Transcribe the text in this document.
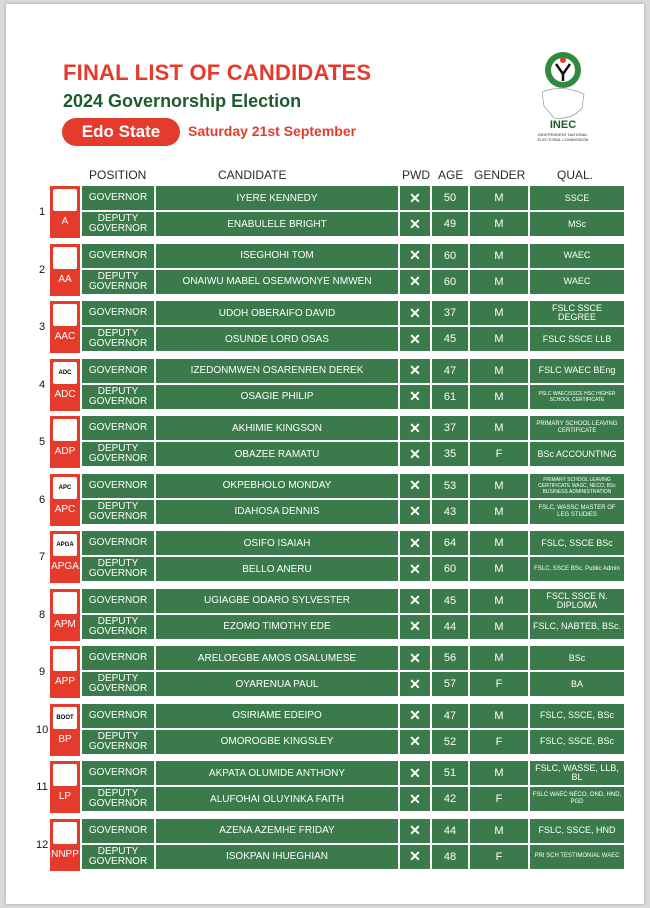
FINAL LIST OF CANDIDATES
2024 Governorship Election
Edo State	Saturday 21st September	INEC
INDEPENDENT NATIONAL ELECTORAL COMMISSION
POSITION	CANDIDATE	PWD AGE GENDER	QUAL.
1
A
GOVERNOR	IYERE KENNEDY	✕	50	M	SSCE
DEPUTY GOVERNOR	ENABULELE BRIGHT	✕	49	M	MSc
2
AA
GOVERNOR	ISEGHOHI TOM	✕	60	M	WAEC
DEPUTY GOVERNOR	ONAIWU MABEL OSEMWONYE NMWEN	✕	60	M	WAEC
3
AAC
GOVERNOR	UDOH OBERAIFO DAVID	✕	37	M	FSLC SSCE DEGREE
DEPUTY GOVERNOR	OSUNDE LORD OSAS	✕	45	M	FSLC SSCE LLB
4
ADC
ADC
GOVERNOR	IZEDONMWEN OSARENREN DEREK	✕	47	M	FSLC WAEC BEng
DEPUTY GOVERNOR	OSAGIE PHILIP	✕	61	M	PSLC WAEC/SSCE HSC HIGHER SCHOOL CERTIFICATE
5
ADP
GOVERNOR	AKHIMIE KINGSON	✕	37	M	PRIMARY SCHOOL LEAVING CERTIFICATE
DEPUTY GOVERNOR	OBAZEE RAMATU	✕	35	F	BSc ACCOUNTING
6
APC
APC
GOVERNOR	OKPEBHOLO MONDAY	✕	53	M	PRIMARY SCHOOL LEAVING CERTIFICATE WASC, NECO, BSc BUSINESS ADMINISTRATION
DEPUTY GOVERNOR	IDAHOSA DENNIS	✕	43	M	FSLC, WASSC MASTER OF LEG STUDIES
7
APGA
APGA
GOVERNOR	OSIFO ISAIAH	✕	64	M	FSLC, SSCE BSc
DEPUTY GOVERNOR	BELLO ANERU	✕	60	M	FSLC, SSCE BSc. Public Admin
8
APM
GOVERNOR	UGIAGBE ODARO SYLVESTER	✕	45	M	FSCL SSCE N. DIPLOMA
DEPUTY GOVERNOR	EZOMO TIMOTHY EDE	✕	44	M	FSLC, NABTEB, BSc.
9
APP
GOVERNOR	ARELOEGBE AMOS OSALUMESE	✕	56	M	BSc
DEPUTY GOVERNOR	OYARENUA PAUL	✕	57	F	BA
10
BOOT
BP
GOVERNOR	OSIRIAME EDEIPO	✕	47	M	FSLC, SSCE, BSc
DEPUTY GOVERNOR	OMOROGBE KINGSLEY	✕	52	F	FSLC, SSCE, BSc
11
LP
GOVERNOR	AKPATA OLUMIDE ANTHONY	✕	51	M	FSLC, WASSE, LLB, BL
DEPUTY GOVERNOR	ALUFOHAI OLUYINKA FAITH	✕	42	F	FSLC WAEC NECO, OND, HND, PGD
12
NNPP
GOVERNOR	AZENA AZEMHE FRIDAY	✕	44	M	FSLC, SSCE, HND
DEPUTY GOVERNOR	ISOKPAN IHUEGHIAN	✕	48	F	PRI SCH TESTIMONIAL WAEC
